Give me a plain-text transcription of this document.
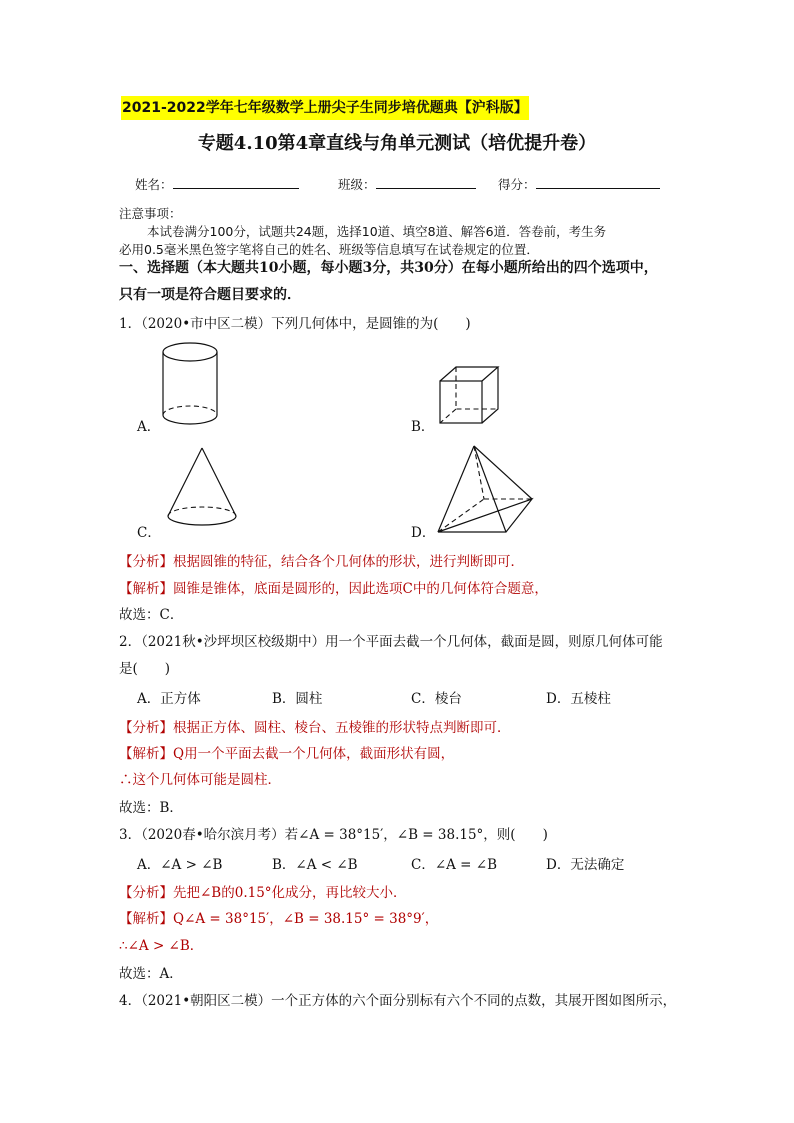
2021-2022学年七年级数学上册尖子生同步培优题典【沪科版】
专题4.10第4章直线与角单元测试（培优提升卷）
姓名：	班级：	得分：
注意事项：
本试卷满分100分，试题共24题，选择10道、填空8道、解答6道．答卷前，考生务
必用0.5毫米黑色签字笔将自己的姓名、班级等信息填写在试卷规定的位置．
一、选择题（本大题共10小题，每小题3分，共30分）在每小题所给出的四个选项中，
只有一项是符合题目要求的．
1．（2020•市中区二模）下列几何体中，是圆锥的为(　　)
A．	B．
C．	D．
【分析】根据圆锥的特征，结合各个几何体的形状，进行判断即可．
【解析】圆锥是锥体，底面是圆形的，因此选项C中的几何体符合题意，
故选：C．
2．（2021秋•沙坪坝区校级期中）用一个平面去截一个几何体，截面是圆，则原几何体可能
是(　　)
A．正方体	B．圆柱	C．棱台	D．五棱柱
【分析】根据正方体、圆柱、棱台、五棱锥的形状特点判断即可．
【解析】Q用一个平面去截一个几何体，截面形状有圆，
∴这个几何体可能是圆柱．
故选：B．
3．（2020春•哈尔滨月考）若∠A = 38°15′，∠B = 38.15°，则(　　)
A．∠A > ∠B	B．∠A < ∠B	C．∠A = ∠B	D．无法确定
【分析】先把∠B的0.15°化成分，再比较大小．
【解析】Q∠A = 38°15′，∠B = 38.15° = 38°9′，
∴∠A > ∠B．
故选：A．
4．（2021•朝阳区二模）一个正方体的六个面分别标有六个不同的点数，其展开图如图所示，
